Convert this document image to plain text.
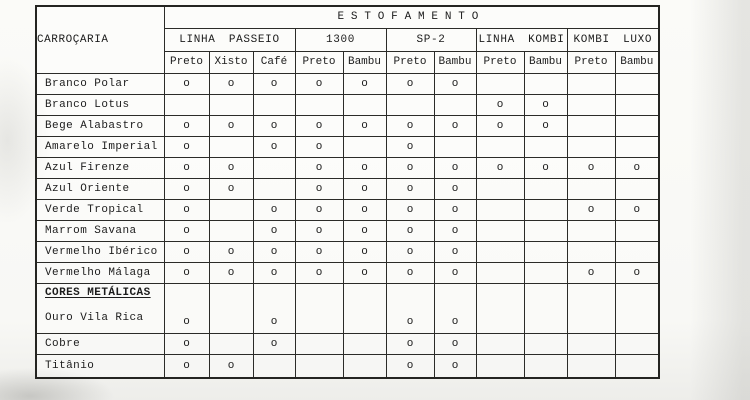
CARROÇARIA	ESTOFAMENTO										
	LINHA PASSEIO			1300		SP-2		LINHA KOMBI		KOMBI LUXO	
	Preto	Xisto	Café	Preto	Bambu	Preto	Bambu	Preto	Bambu	Preto	Bambu
Branco Polar	o	o	o	o	o	o	o				
Branco Lotus								o	o		
Bege Alabastro	o	o	o	o	o	o	o	o	o		
Amarelo Imperial	o		o	o		o					
Azul Firenze	o	o		o	o	o	o	o	o	o	o
Azul Oriente	o	o		o	o	o	o				
Verde Tropical	o		o	o	o	o	o			o	o
Marrom Savana	o		o	o	o	o	o				
Vermelho Ibérico	o	o	o	o	o	o	o				
Vermelho Málaga	o	o	o	o	o	o	o			o	o

CORES METÁLICAS
Ouro Vila Rica	o		o			o	o				
Cobre	o		o			o	o				
Titânio	o	o				o	o				
